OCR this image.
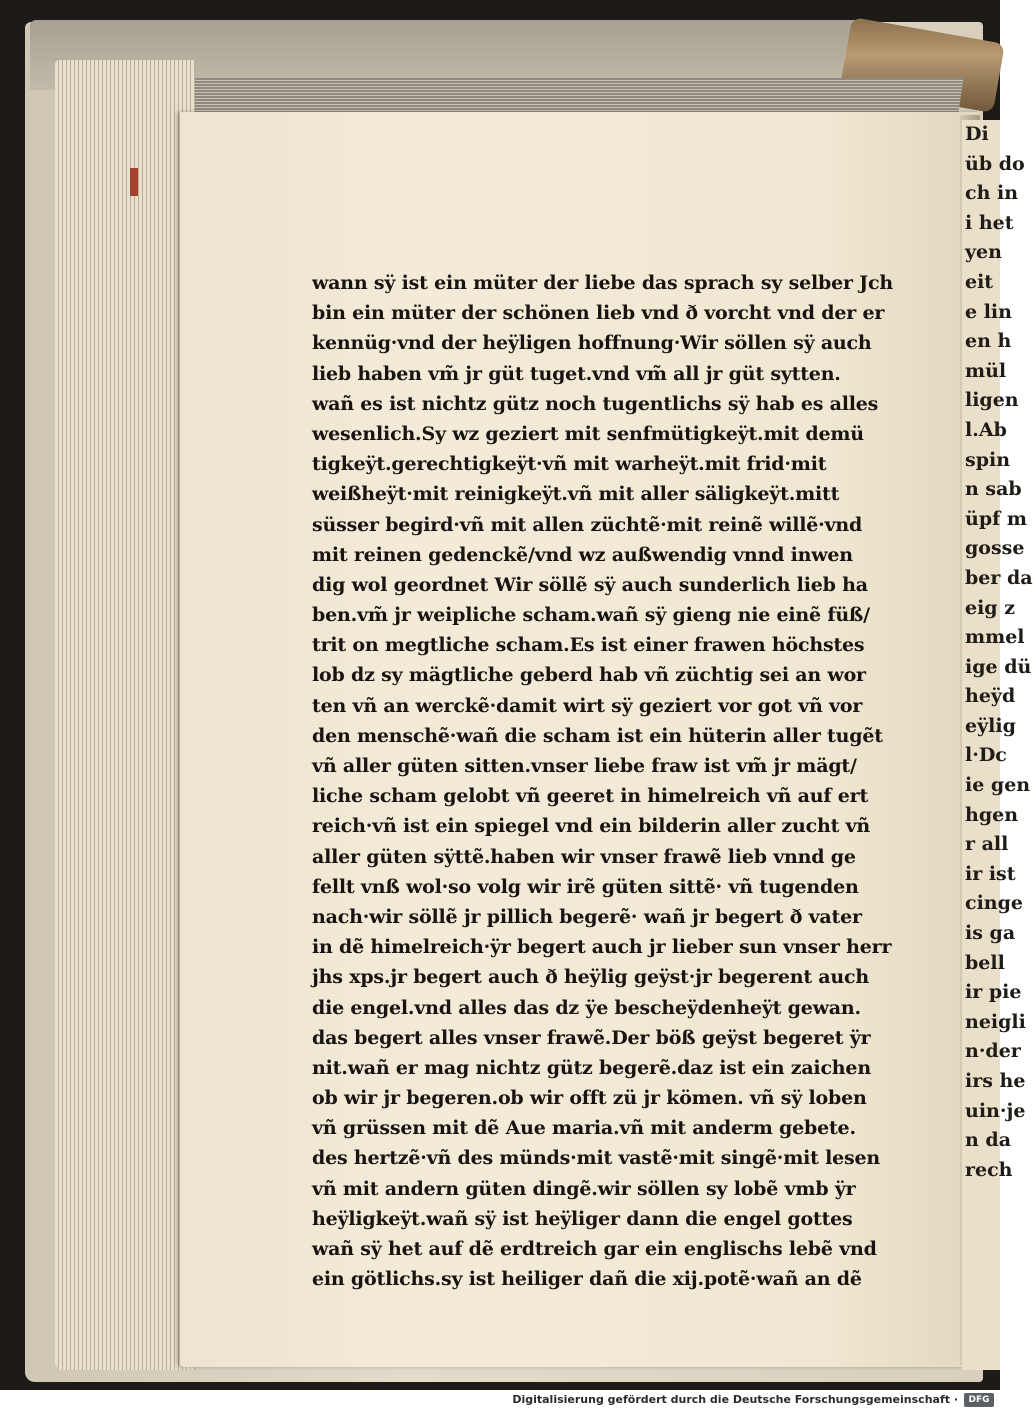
Di
üb do
ch in
i het
yen
eit
e lin
en h
mül
ligen
l.Ab
spin
n sab
üpf m
gosse
ber da
eig z
mmel
ige dü
heÿd
eÿlig
l·Dc
ie gen
hgen
r all
ir ist
cinge
is ga
bell
ir pie
neigli
n·der
irs he
uin·je
n da
rech
wann sÿ ist ein müter der liebe das sprach sy selber Jch
bin ein müter der schönen lieb vnd ð vorcht vnd der er
kennüg·vnd der heÿligen hoffnung·Wir söllen sÿ auch
lieb haben vm̃ jr güt tuget.vnd vm̃ all jr güt sytten.
wañ es ist nichtz gütz noch tugentlichs sÿ hab es alles
wesenlich.Sy wz geziert mit senfmütigkeÿt.mit demü
tigkeÿt.gerechtigkeÿt·vñ mit warheÿt.mit frid·mit
weißheÿt·mit reinigkeÿt.vñ mit aller säligkeÿt.mitt
süsser begird·vñ mit allen züchtẽ·mit reinẽ willẽ·vnd
mit reinen gedenckẽ/vnd wz außwendig vnnd inwen
dig wol geordnet Wir söllẽ sÿ auch sunderlich lieb ha
ben.vm̃ jr weipliche scham.wañ sÿ gieng nie einẽ füß/
trit on megtliche scham.Es ist einer frawen höchstes
lob dz sy mägtliche geberd hab vñ züchtig sei an wor
ten vñ an werckẽ·damit wirt sÿ geziert vor got vñ vor
den menschẽ·wañ die scham ist ein hüterin aller tugẽt
vñ aller güten sitten.vnser liebe fraw ist vm̃ jr mägt/
liche scham gelobt vñ geeret in himelreich vñ auf ert
reich·vñ ist ein spiegel vnd ein bilderin aller zucht vñ
aller güten sÿttẽ.haben wir vnser frawẽ lieb vnnd ge
fellt vnß wol·so volg wir irẽ güten sittẽ· vñ tugenden
nach·wir söllẽ jr pillich begerẽ· wañ jr begert ð vater
in dẽ himelreich·ÿr begert auch jr lieber sun vnser herr
jhs xps.jr begert auch ð heÿlig geÿst·jr begerent auch
die engel.vnd alles das dz ÿe bescheÿdenheÿt gewan.
das begert alles vnser frawẽ.Der böß geÿst begeret ÿr
nit.wañ er mag nichtz gütz begerẽ.daz ist ein zaichen
ob wir jr begeren.ob wir offt zü jr kömen. vñ sÿ loben
vñ grüssen mit dẽ Aue maria.vñ mit anderm gebete.
des hertzẽ·vñ des münds·mit vastẽ·mit singẽ·mit lesen
vñ mit andern güten dingẽ.wir söllen sy lobẽ vmb ÿr
heÿligkeÿt.wañ sÿ ist heÿliger dann die engel gottes
wañ sÿ het auf dẽ erdtreich gar ein englischs lebẽ vnd
ein götlichs.sy ist heiliger dañ die xij.potẽ·wañ an dẽ
Digitalisierung gefördert durch die Deutsche Forschungsgemeinschaft ·	DFG
